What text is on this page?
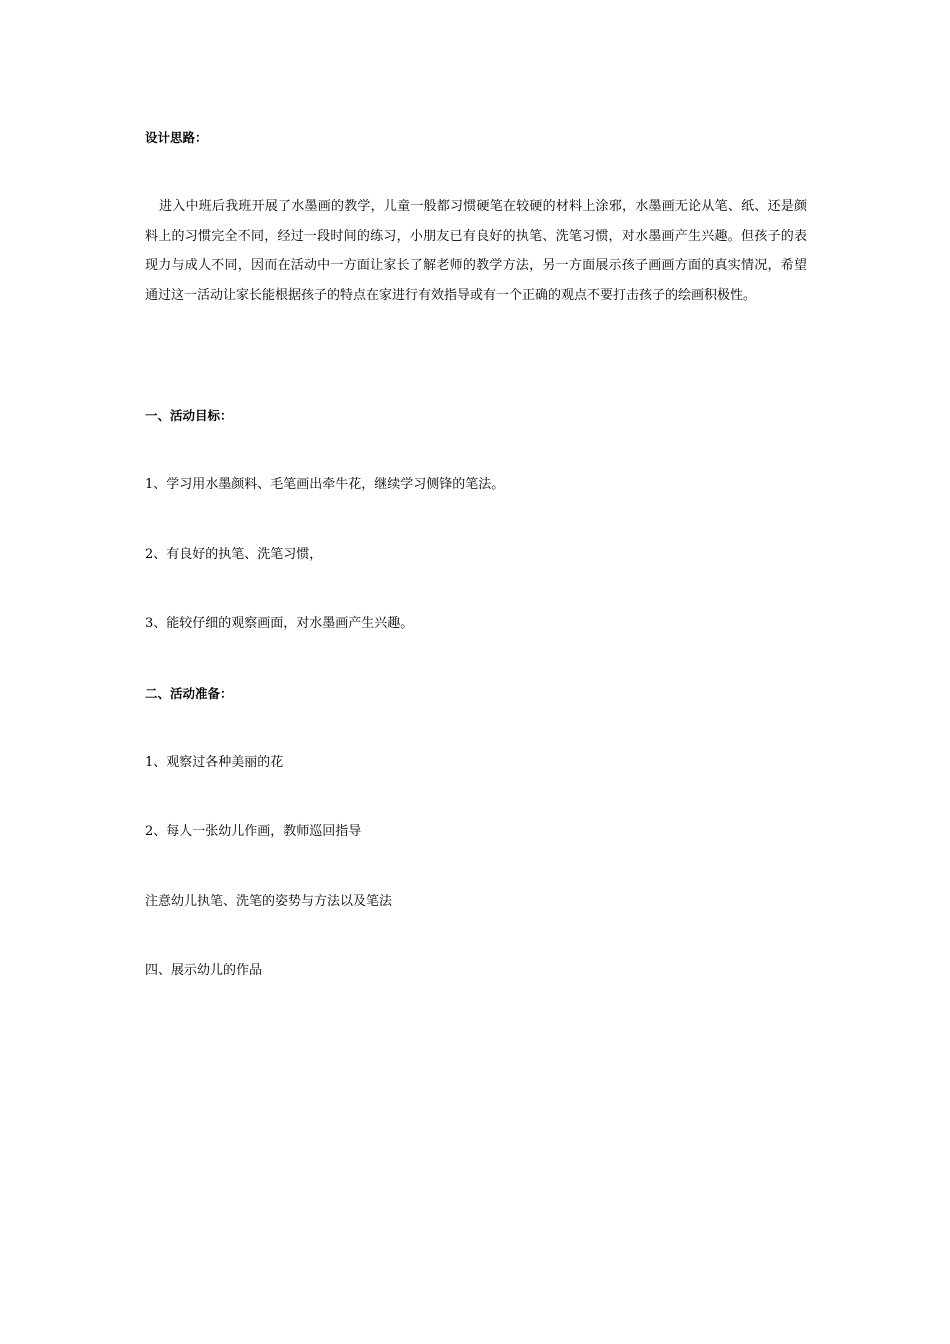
设计思路：

进入中班后我班开展了水墨画的教学，儿童一般都习惯硬笔在较硬的材料上涂邪，水墨画无论从笔、纸、还是颜料上的习惯完全不同，经过一段时间的练习，小朋友已有良好的执笔、洗笔习惯，对水墨画产生兴趣。但孩子的表现力与成人不同，因而在活动中一方面让家长了解老师的教学方法，另一方面展示孩子画画方面的真实情况，希望通过这一活动让家长能根据孩子的特点在家进行有效指导或有一个正确的观点不要打击孩子的绘画积极性。

一、活动目标：
1、学习用水墨颜料、毛笔画出牵牛花，继续学习侧锋的笔法。
2、有良好的执笔、洗笔习惯，
3、能较仔细的观察画面，对水墨画产生兴趣。
二、活动准备：
1、观察过各种美丽的花
2、每人一张幼儿作画，教师巡回指导
注意幼儿执笔、洗笔的姿势与方法以及笔法
四、展示幼儿的作品
